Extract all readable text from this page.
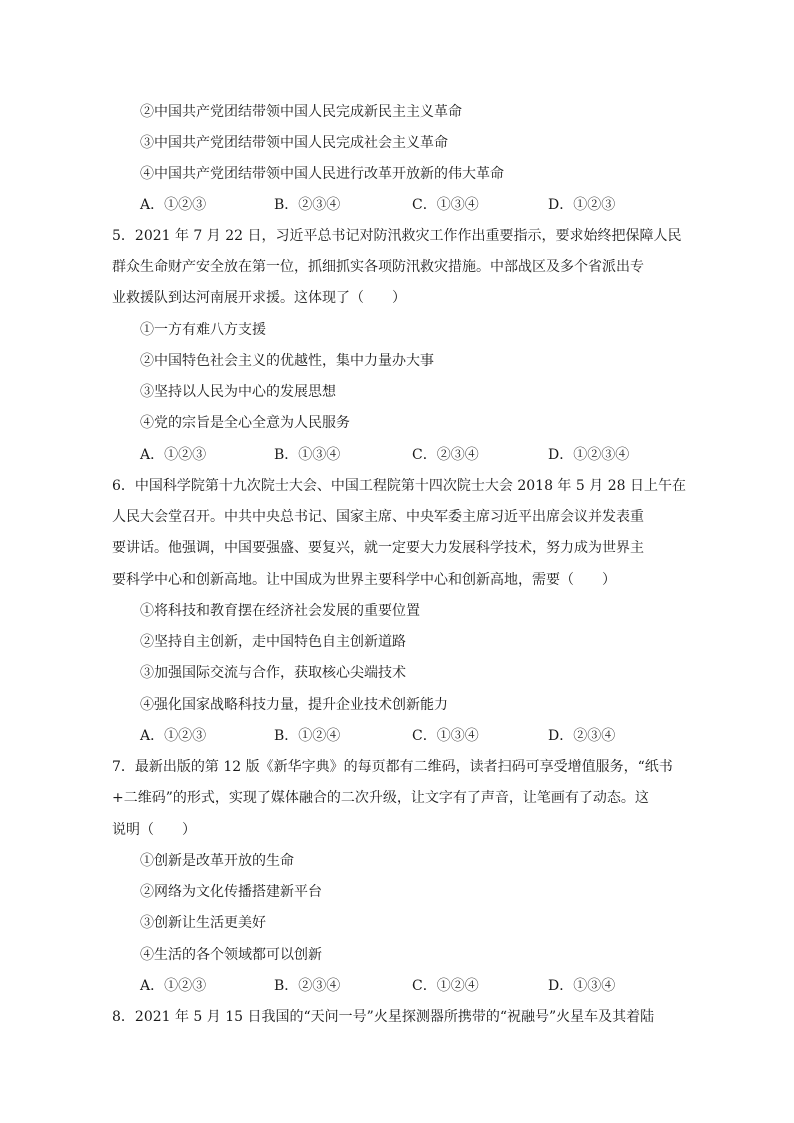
②中国共产党团结带领中国人民完成新民主主义革命
③中国共产党团结带领中国人民完成社会主义革命
④中国共产党团结带领中国人民进行改革开放新的伟大革命
A．①②③	B．②③④	C．①③④	D．①②③
5．2021 年 7 月 22 日，习近平总书记对防汛救灾工作作出重要指示，要求始终把保障人民
群众生命财产安全放在第一位，抓细抓实各项防汛救灾措施。中部战区及多个省派出专
业救援队到达河南展开求援。这体现了（　　）
①一方有难八方支援
②中国特色社会主义的优越性，集中力量办大事
③坚持以人民为中心的发展思想
④党的宗旨是全心全意为人民服务
A．①②③	B．①③④	C．②③④	D．①②③④
6．中国科学院第十九次院士大会、中国工程院第十四次院士大会 2018 年 5 月 28 日上午在
人民大会堂召开。中共中央总书记、国家主席、中央军委主席习近平出席会议并发表重
要讲话。他强调，中国要强盛、要复兴，就一定要大力发展科学技术，努力成为世界主
要科学中心和创新高地。让中国成为世界主要科学中心和创新高地，需要（　　）
①将科技和教育摆在经济社会发展的重要位置
②坚持自主创新，走中国特色自主创新道路
③加强国际交流与合作，获取核心尖端技术
④强化国家战略科技力量，提升企业技术创新能力
A．①②③	B．①②④	C．①③④	D．②③④
7．最新出版的第 12 版《新华字典》的每页都有二维码，读者扫码可享受增值服务，“纸书
+二维码”的形式，实现了媒体融合的二次升级，让文字有了声音，让笔画有了动态。这
说明（　　）
①创新是改革开放的生命
②网络为文化传播搭建新平台
③创新让生活更美好
④生活的各个领域都可以创新
A．①②③	B．②③④	C．①②④	D．①③④
8．2021 年 5 月 15 日我国的“天问一号”火星探测器所携带的“祝融号”火星车及其着陆
